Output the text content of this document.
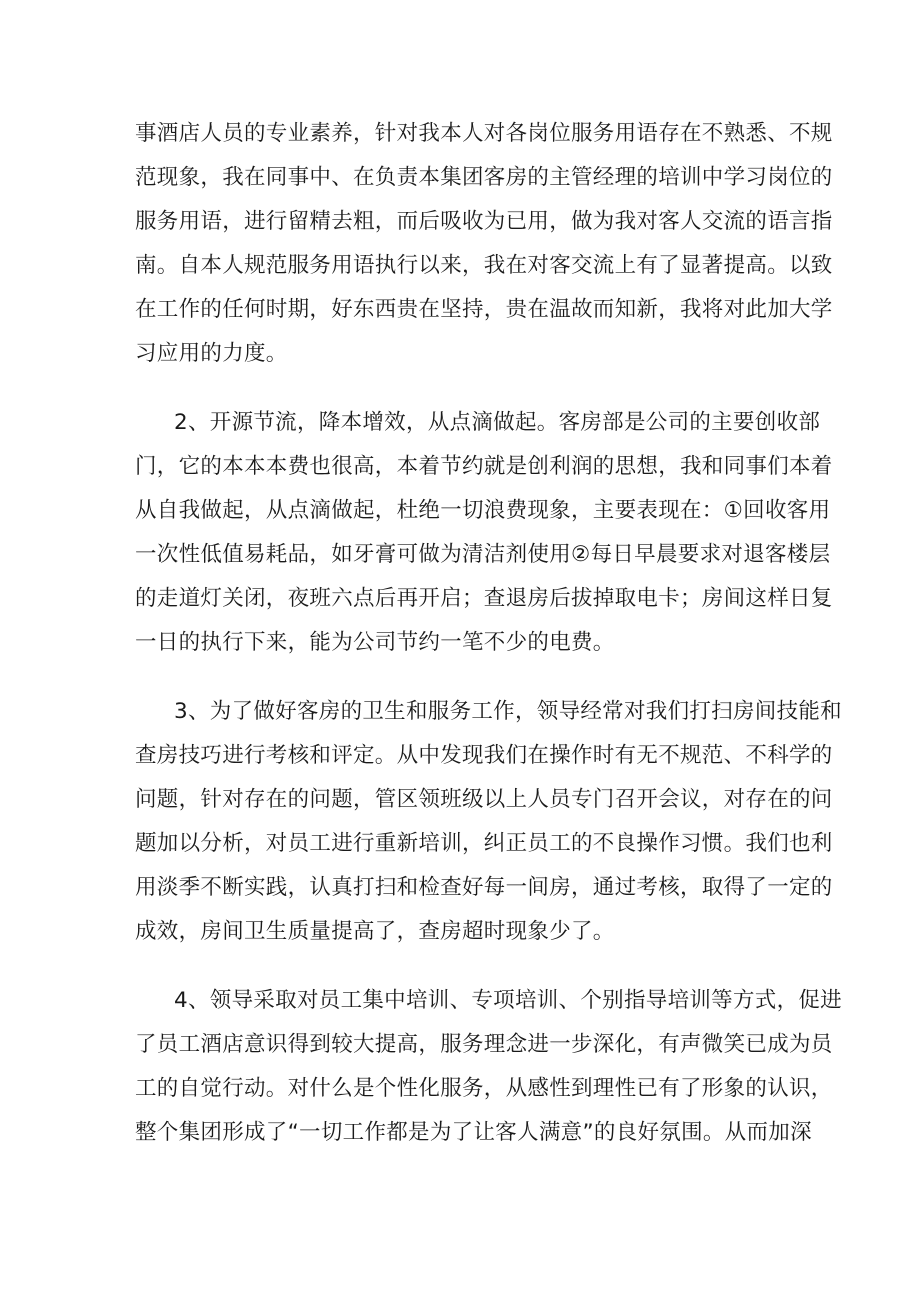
事酒店人员的专业素养，针对我本人对各岗位服务用语存在不熟悉、不规
范现象，我在同事中、在负责本集团客房的主管经理的培训中学习岗位的
服务用语，进行留精去粗，而后吸收为已用，做为我对客人交流的语言指
南。自本人规范服务用语执行以来，我在对客交流上有了显著提高。以致
在工作的任何时期，好东西贵在坚持，贵在温故而知新，我将对此加大学
习应用的力度。
2、开源节流，降本增效，从点滴做起。客房部是公司的主要创收部
门，它的本本本费也很高，本着节约就是创利润的思想，我和同事们本着
从自我做起，从点滴做起，杜绝一切浪费现象，主要表现在：①回收客用
一次性低值易耗品，如牙膏可做为清洁剂使用②每日早晨要求对退客楼层
的走道灯关闭，夜班六点后再开启；查退房后拔掉取电卡；房间这样日复
一日的执行下来，能为公司节约一笔不少的电费。
3、为了做好客房的卫生和服务工作，领导经常对我们打扫房间技能和
查房技巧进行考核和评定。从中发现我们在操作时有无不规范、不科学的
问题，针对存在的问题，管区领班级以上人员专门召开会议，对存在的问
题加以分析，对员工进行重新培训，纠正员工的不良操作习惯。我们也利
用淡季不断实践，认真打扫和检查好每一间房，通过考核，取得了一定的
成效，房间卫生质量提高了，查房超时现象少了。
4、领导采取对员工集中培训、专项培训、个别指导培训等方式，促进
了员工酒店意识得到较大提高，服务理念进一步深化，有声微笑已成为员
工的自觉行动。对什么是个性化服务，从感性到理性已有了形象的认识，
整个集团形成了“一切工作都是为了让客人满意”的良好氛围。从而加深
